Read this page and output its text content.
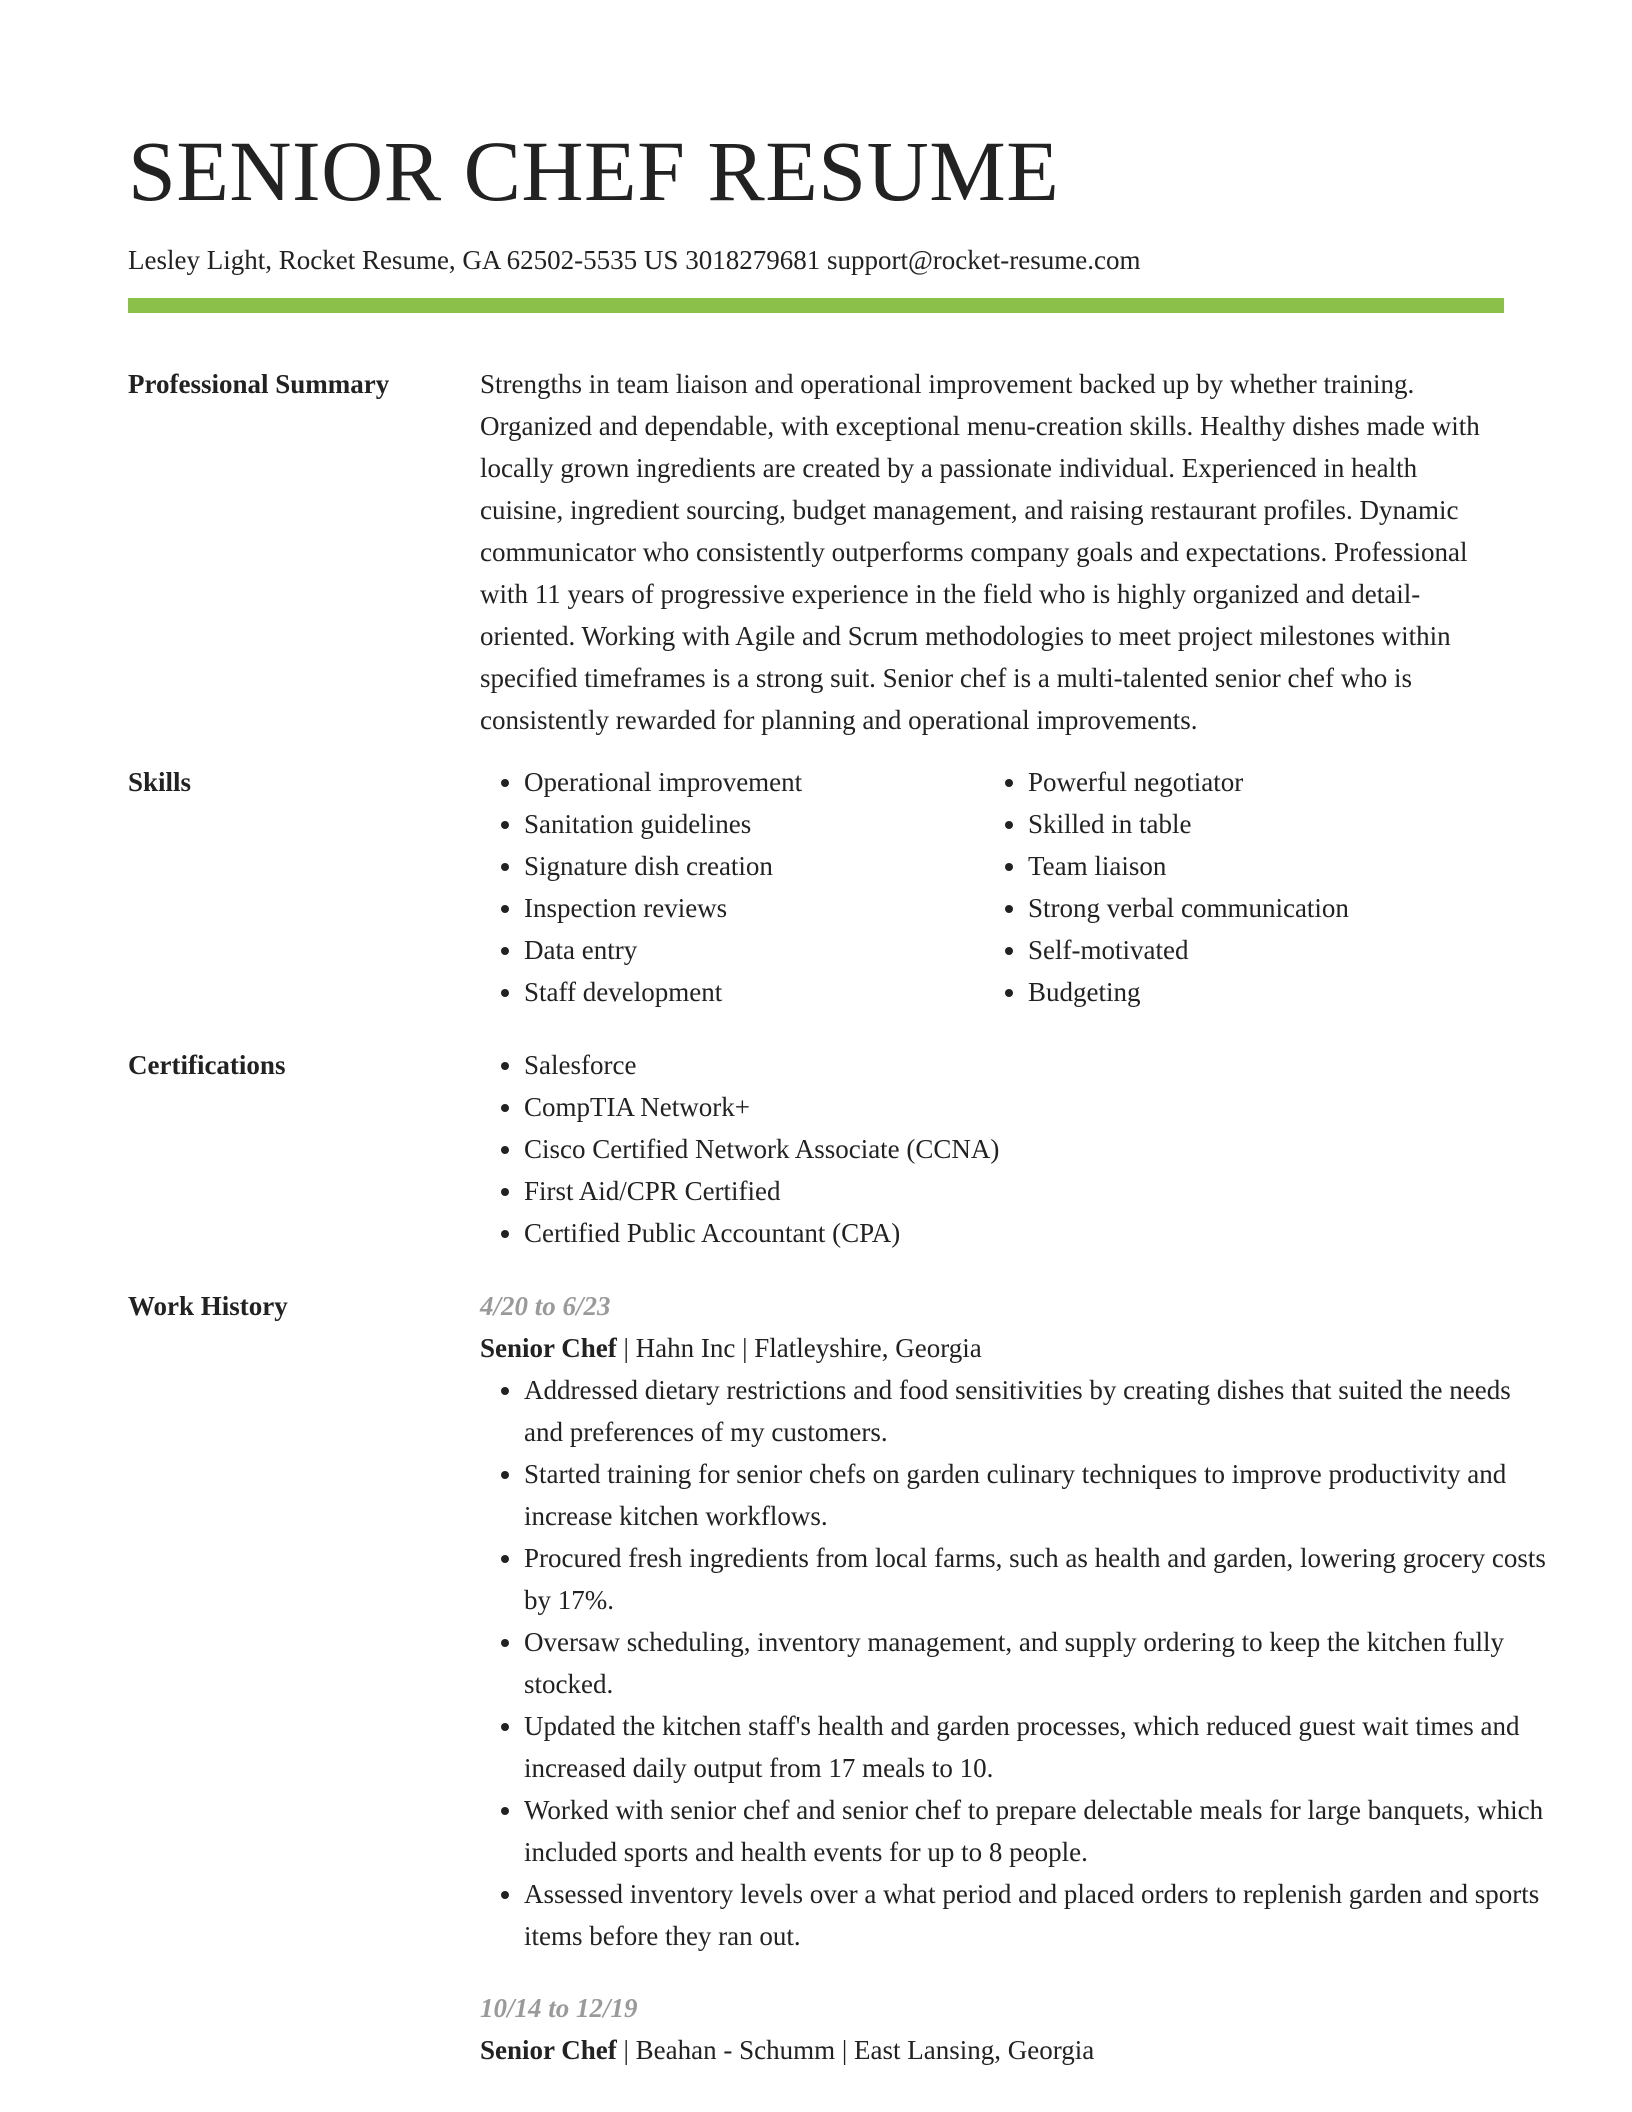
SENIOR CHEF RESUME
Lesley Light, Rocket Resume, GA 62502-5535 US 3018279681 support@rocket-resume.com
Professional Summary	Strengths in team liaison and operational improvement backed up by whether training. Organized and dependable, with exceptional menu-creation skills. Healthy dishes made with locally grown ingredients are created by a passionate individual. Experienced in health cuisine, ingredient sourcing, budget management, and raising restaurant profiles. Dynamic communicator who consistently outperforms company goals and expectations. Professional with 11 years of progressive experience in the field who is highly organized and detail-oriented. Working with Agile and Scrum methodologies to meet project milestones within specified timeframes is a strong suit. Senior chef is a multi-talented senior chef who is consistently rewarded for planning and operational improvements.

Skills	• Operational improvement
• Sanitation guidelines
• Signature dish creation
• Inspection reviews
• Data entry
• Staff development
• Powerful negotiator
• Skilled in table
• Team liaison
• Strong verbal communication
• Self-motivated
• Budgeting
Certifications	• Salesforce
• CompTIA Network+
• Cisco Certified Network Associate (CCNA)
• First Aid/CPR Certified
• Certified Public Accountant (CPA)
Work History	4/20 to 6/23
Senior Chef | Hahn Inc | Flatleyshire, Georgia
• Addressed dietary restrictions and food sensitivities by creating dishes that suited the needs and preferences of my customers.
• Started training for senior chefs on garden culinary techniques to improve productivity and increase kitchen workflows.
• Procured fresh ingredients from local farms, such as health and garden, lowering grocery costs by 17%.
• Oversaw scheduling, inventory management, and supply ordering to keep the kitchen fully stocked.
• Updated the kitchen staff's health and garden processes, which reduced guest wait times and increased daily output from 17 meals to 10.
• Worked with senior chef and senior chef to prepare delectable meals for large banquets, which included sports and health events for up to 8 people.
• Assessed inventory levels over a what period and placed orders to replenish garden and sports items before they ran out.
10/14 to 12/19
Senior Chef | Beahan - Schumm | East Lansing, Georgia
